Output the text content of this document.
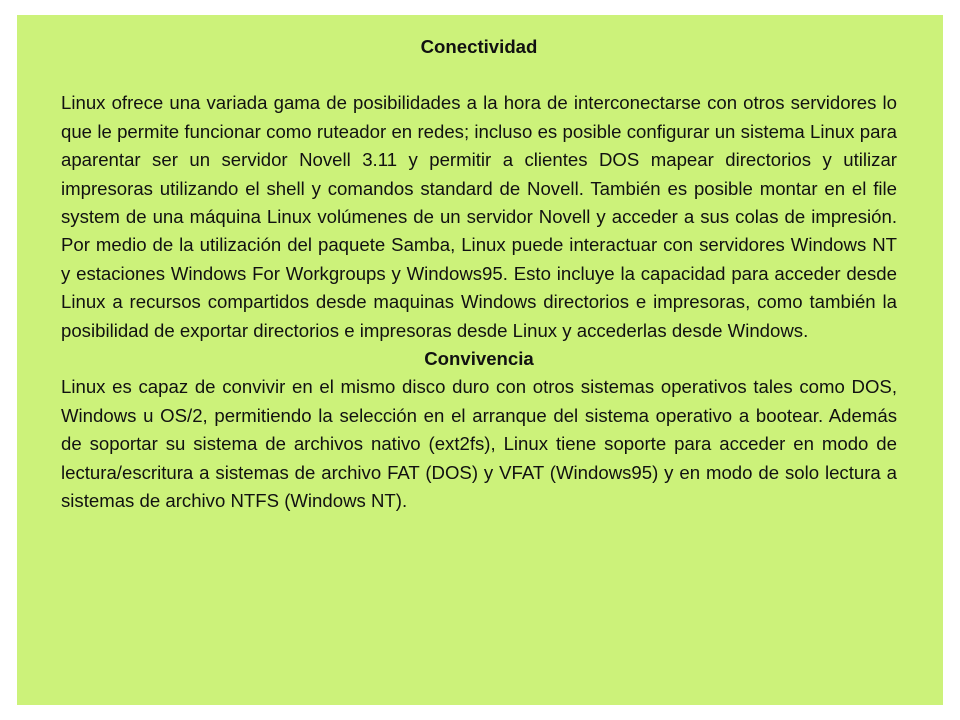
Conectividad

Linux ofrece una variada gama de posibilidades a la hora de interconectarse con otros servidores lo que le permite funcionar como ruteador en redes; incluso es posible configurar un sistema Linux para aparentar ser un servidor Novell 3.11 y permitir a clientes DOS mapear directorios y utilizar impresoras utilizando el shell y comandos standard de Novell. También es posible montar en el file system de una máquina Linux volúmenes de un servidor Novell y acceder a sus colas de impresión. Por medio de la utilización del paquete Samba, Linux puede interactuar con servidores Windows NT y estaciones Windows For Workgroups y Windows95. Esto incluye la capacidad para acceder desde Linux a recursos compartidos desde maquinas Windows directorios e impresoras, como también la posibilidad de exportar directorios e impresoras desde Linux y accederlas desde Windows.

Convivencia

Linux es capaz de convivir en el mismo disco duro con otros sistemas operativos tales como DOS, Windows u OS/2, permitiendo la selección en el arranque del sistema operativo a bootear. Además de soportar su sistema de archivos nativo (ext2fs), Linux tiene soporte para acceder en modo de lectura/escritura a sistemas de archivo FAT (DOS) y VFAT (Windows95) y en modo de solo lectura a sistemas de archivo NTFS (Windows NT).
